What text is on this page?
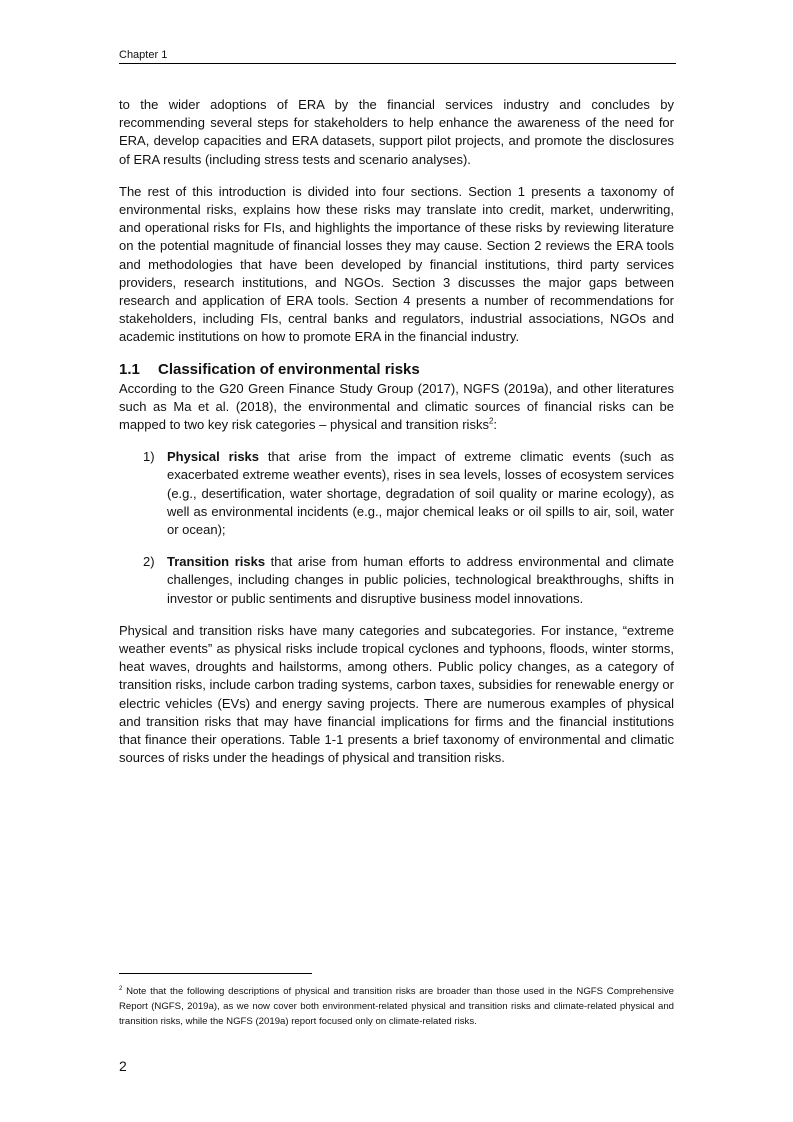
Chapter 1

to the wider adoptions of ERA by the financial services industry and concludes by recommending several steps for stakeholders to help enhance the awareness of the need for ERA, develop capacities and ERA datasets, support pilot projects, and promote the disclosures of ERA results (including stress tests and scenario analyses).

The rest of this introduction is divided into four sections. Section 1 presents a taxonomy of environmental risks, explains how these risks may translate into credit, market, underwriting, and operational risks for FIs, and highlights the importance of these risks by reviewing literature on the potential magnitude of financial losses they may cause. Section 2 reviews the ERA tools and methodologies that have been developed by financial institutions, third party services providers, research institutions, and NGOs. Section 3 discusses the major gaps between research and application of ERA tools. Section 4 presents a number of recommendations for stakeholders, including FIs, central banks and regulators, industrial associations, NGOs and academic institutions on how to promote ERA in the financial industry.

1.1 Classification of environmental risks

According to the G20 Green Finance Study Group (2017), NGFS (2019a), and other literatures such as Ma et al. (2018), the environmental and climatic sources of financial risks can be mapped to two key risk categories – physical and transition risks$^2$:

1) Physical risks that arise from the impact of extreme climatic events (such as exacerbated extreme weather events), rises in sea levels, losses of ecosystem services (e.g., desertification, water shortage, degradation of soil quality or marine ecology), as well as environmental incidents (e.g., major chemical leaks or oil spills to air, soil, water or ocean);
2) Transition risks that arise from human efforts to address environmental and climate challenges, including changes in public policies, technological breakthroughs, shifts in investor or public sentiments and disruptive business model innovations.

Physical and transition risks have many categories and subcategories. For instance, “extreme weather events” as physical risks include tropical cyclones and typhoons, floods, winter storms, heat waves, droughts and hailstorms, among others. Public policy changes, as a category of transition risks, include carbon trading systems, carbon taxes, subsidies for renewable energy or electric vehicles (EVs) and energy saving projects. There are numerous examples of physical and transition risks that may have financial implications for firms and the financial institutions that finance their operations. Table 1-1 presents a brief taxonomy of environmental and climatic sources of risks under the headings of physical and transition risks.

$^2$ Note that the following descriptions of physical and transition risks are broader than those used in the NGFS Comprehensive Report (NGFS, 2019a), as we now cover both environment-related physical and transition risks and climate-related physical and transition risks, while the NGFS (2019a) report focused only on climate-related risks.
2
